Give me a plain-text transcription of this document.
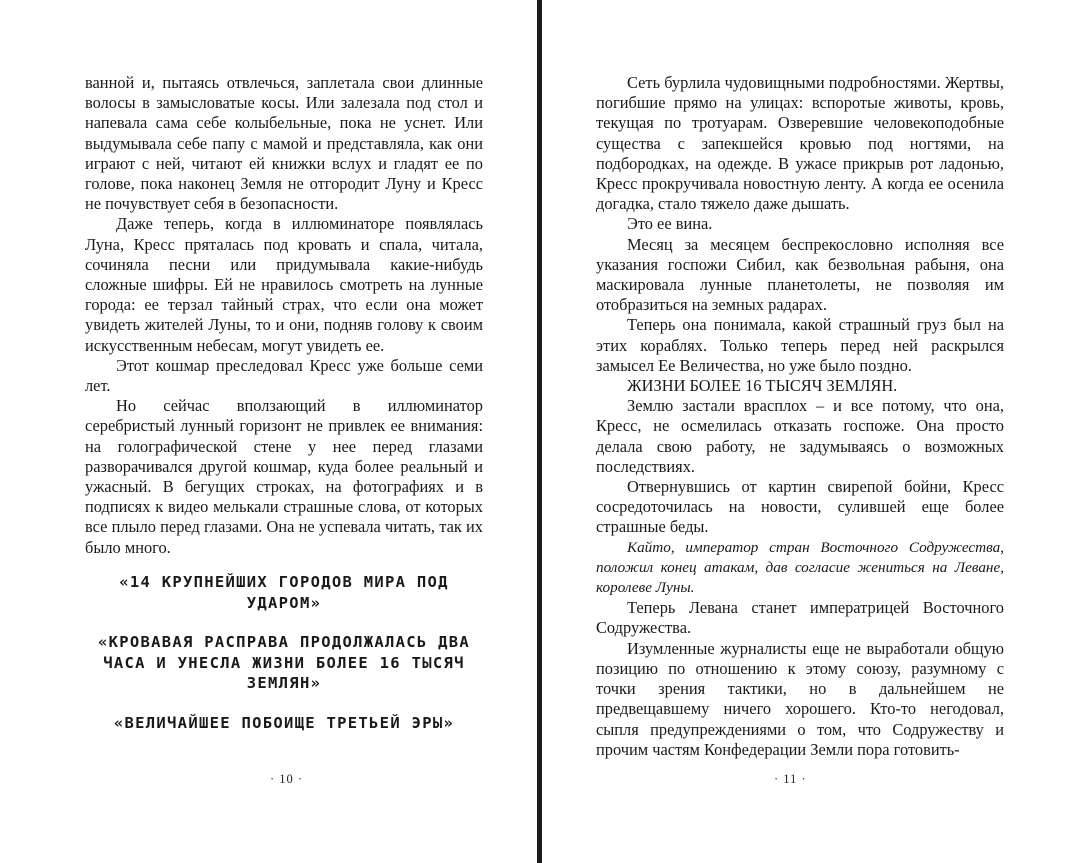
ванной и, пытаясь отвлечься, заплетала свои длинные волосы в замысловатые косы. Или залезала под стол и напевала сама себе колыбельные, пока не уснет. Или выдумывала себе папу с мамой и представляла, как они играют с ней, читают ей книжки вслух и гладят ее по голове, пока наконец Земля не отгородит Луну и Кресс не почувствует себя в безопасности.

Даже теперь, когда в иллюминаторе появлялась Луна, Кресс пряталась под кровать и спала, читала, сочиняла песни или придумывала какие-нибудь сложные шифры. Ей не нравилось смотреть на лунные города: ее терзал тайный страх, что если она может увидеть жителей Луны, то и они, подняв голову к своим искусственным небесам, могут увидеть ее.

Этот кошмар преследовал Кресс уже больше семи лет.

Но сейчас вползающий в иллюминатор серебристый лунный горизонт не привлек ее внимания: на голографической стене у нее перед глазами разворачивался другой кошмар, куда более реальный и ужасный. В бегущих строках, на фотографиях и в подписях к видео мелькали страшные слова, от которых все плыло перед глазами. Она не успевала читать, так их было много.

«14 КРУПНЕЙШИХ ГОРОДОВ МИРА ПОД УДАРОМ»
«КРОВАВАЯ РАСПРАВА ПРОДОЛЖАЛАСЬ ДВА ЧАСА И УНЕСЛА ЖИЗНИ БОЛЕЕ 16 ТЫСЯЧ ЗЕМЛЯН»
«ВЕЛИЧАЙШЕЕ ПОБОИЩЕ ТРЕТЬЕЙ ЭРЫ»
· 10 ·

Сеть бурлила чудовищными подробностями. Жертвы, погибшие прямо на улицах: вспоротые животы, кровь, текущая по тротуарам. Озверевшие человекоподобные существа с запекшейся кровью под ногтями, на подбородках, на одежде. В ужасе прикрыв рот ладонью, Кресс прокручивала новостную ленту. А когда ее осенила догадка, стало тяжело даже дышать.

Это ее вина.

Месяц за месяцем беспрекословно исполняя все указания госпожи Сибил, как безвольная рабыня, она маскировала лунные планетолеты, не позволяя им отобразиться на земных радарах.

Теперь она понимала, какой страшный груз был на этих кораблях. Только теперь перед ней раскрылся замысел Ее Величества, но уже было поздно.

ЖИЗНИ БОЛЕЕ 16 ТЫСЯЧ ЗЕМЛЯН.

Землю застали врасплох – и все потому, что она, Кресс, не осмелилась отказать госпоже. Она просто делала свою работу, не задумываясь о возможных последствиях.

Отвернувшись от картин свирепой бойни, Кресс сосредоточилась на новости, сулившей еще более страшные беды.

Кайто, император стран Восточного Содружества, положил конец атакам, дав согласие жениться на Леване, королеве Луны.

Теперь Левана станет императрицей Восточного Содружества.

Изумленные журналисты еще не выработали общую позицию по отношению к этому союзу, разумному с точки зрения тактики, но в дальнейшем не предвещавшему ничего хорошего. Кто-то негодовал, сыпля предупреждениями о том, что Содружеству и прочим частям Конфедерации Земли пора готовить-

· 11 ·
